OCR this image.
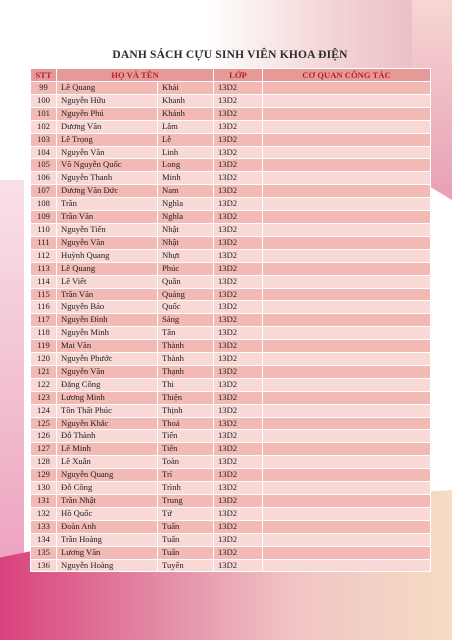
DANH SÁCH CỰU SINH VIÊN KHOA ĐIỆN
STT	HỌ VÀ TÊN		LỚP	CƠ QUAN CÔNG TÁC
99	Lê Quang	Khải	13D2	
100	Nguyễn Hữu	Khanh	13D2	
101	Nguyễn Phú	Khánh	13D2	
102	Dương Văn	Lâm	13D2	
103	Lê Trọng	Lễ	13D2	
104	Nguyễn Văn	Linh	13D2	
105	Võ Nguyễn Quốc	Long	13D2	
106	Nguyễn Thanh	Minh	13D2	
107	Dương Văn Đức	Nam	13D2	
108	Trần	Nghĩa	13D2	
109	Trần Văn	Nghĩa	13D2	
110	Nguyễn Tiến	Nhật	13D2	
111	Nguyễn Văn	Nhật	13D2	
112	Huỳnh Quang	Nhựt	13D2	
113	Lê Quang	Phúc	13D2	
114	Lê Viết	Quân	13D2	
115	Trần Văn	Quảng	13D2	
116	Nguyễn Bảo	Quốc	13D2	
117	Nguyễn Đình	Sáng	13D2	
118	Nguyễn Minh	Tân	13D2	
119	Mai Văn	Thành	13D2	
120	Nguyễn Phước	Thành	13D2	
121	Nguyễn Văn	Thạnh	13D2	
122	Đặng Công	Thi	13D2	
123	Lương Minh	Thiện	13D2	
124	Tôn Thất Phúc	Thịnh	13D2	
125	Nguyễn Khắc	Thoả	13D2	
126	Đỗ Thành	Tiến	13D2	
127	Lê Minh	Tiến	13D2	
128	Lê Xuân	Toàn	13D2	
129	Nguyễn Quang	Trí	13D2	
130	Đỗ Công	Trình	13D2	
131	Trần Nhật	Trung	13D2	
132	Hồ Quốc	Tứ	13D2	
133	Đoàn Anh	Tuấn	13D2	
134	Trần Hoàng	Tuấn	13D2	
135	Lương Văn	Tuấn	13D2	
136	Nguyễn Hoàng	Tuyến	13D2	
